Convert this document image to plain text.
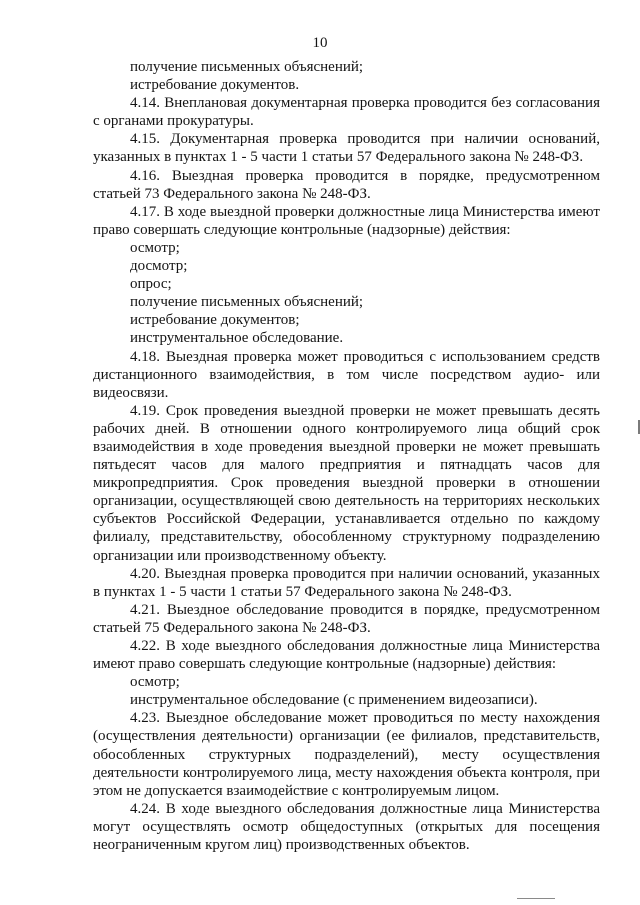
10

получение письменных объяснений;

истребование документов.

4.14. Внеплановая документарная проверка проводится без согласования с органами прокуратуры.

4.15. Документарная проверка проводится при наличии оснований, указанных в пунктах 1 - 5 части 1 статьи 57 Федерального закона № 248-ФЗ.

4.16. Выездная проверка проводится в порядке, предусмотренном статьей 73 Федерального закона № 248-ФЗ.

4.17. В ходе выездной проверки должностные лица Министерства имеют право совершать следующие контрольные (надзорные) действия:

осмотр;

досмотр;

опрос;

получение письменных объяснений;

истребование документов;

инструментальное обследование.

4.18. Выездная проверка может проводиться с использованием средств дистанционного взаимодействия, в том числе посредством аудио- или видеосвязи.

4.19. Срок проведения выездной проверки не может превышать десять рабочих дней. В отношении одного контролируемого лица общий срок взаимодействия в ходе проведения выездной проверки не может превышать пятьдесят часов для малого предприятия и пятнадцать часов для микропредприятия. Срок проведения выездной проверки в отношении организации, осуществляющей свою деятельность на территориях нескольких субъектов Российской Федерации, устанавливается отдельно по каждому филиалу, представительству, обособленному структурному подразделению организации или производственному объекту.

4.20. Выездная проверка проводится при наличии оснований, указанных в пунктах 1 - 5 части 1 статьи 57 Федерального закона № 248-ФЗ.

4.21. Выездное обследование проводится в порядке, предусмотренном статьей 75 Федерального закона № 248-ФЗ.

4.22. В ходе выездного обследования должностные лица Министерства имеют право совершать следующие контрольные (надзорные) действия:

осмотр;

инструментальное обследование (с применением видеозаписи).

4.23. Выездное обследование может проводиться по месту нахождения (осуществления деятельности) организации (ее филиалов, представительств, обособленных структурных подразделений), месту осуществления деятельности контролируемого лица, месту нахождения объекта контроля, при этом не допускается взаимодействие с контролируемым лицом.

4.24. В ходе выездного обследования должностные лица Министерства могут осуществлять осмотр общедоступных (открытых для посещения неограниченным кругом лиц) производственных объектов.
